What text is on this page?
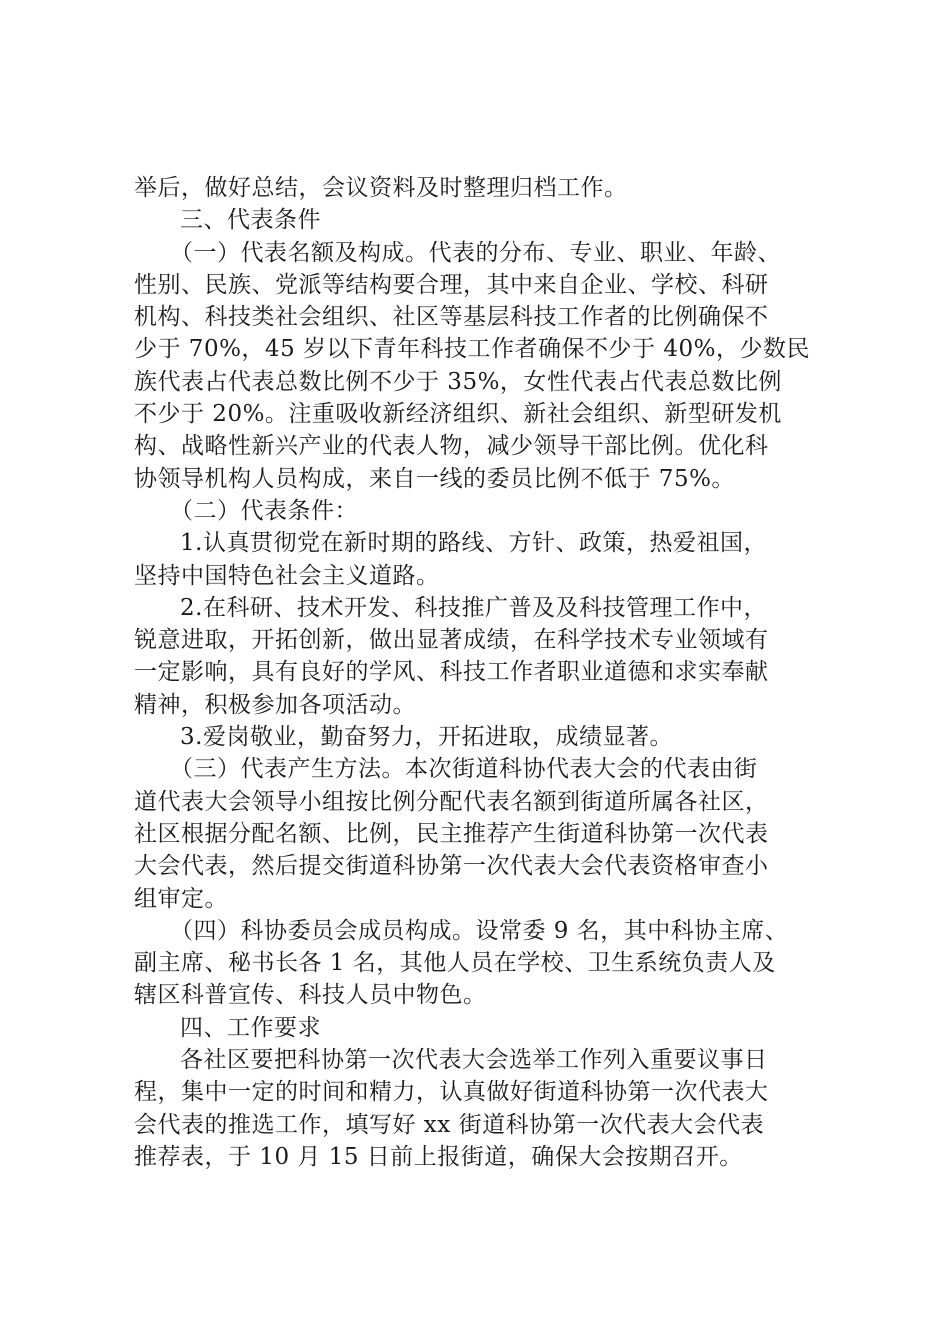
举后，做好总结，会议资料及时整理归档工作。
三、代表条件
（一）代表名额及构成。代表的分布、专业、职业、年龄、
性别、民族、党派等结构要合理，其中来自企业、学校、科研
机构、科技类社会组织、社区等基层科技工作者的比例确保不
少于 70%，45 岁以下青年科技工作者确保不少于 40%，少数民
族代表占代表总数比例不少于 35%，女性代表占代表总数比例
不少于 20%。注重吸收新经济组织、新社会组织、新型研发机
构、战略性新兴产业的代表人物，减少领导干部比例。优化科
协领导机构人员构成，来自一线的委员比例不低于 75%。
（二）代表条件：
1.认真贯彻党在新时期的路线、方针、政策，热爱祖国，
坚持中国特色社会主义道路。
2.在科研、技术开发、科技推广普及及科技管理工作中，
锐意进取，开拓创新，做出显著成绩，在科学技术专业领域有
一定影响，具有良好的学风、科技工作者职业道德和求实奉献
精神，积极参加各项活动。
3.爱岗敬业，勤奋努力，开拓进取，成绩显著。
（三）代表产生方法。本次街道科协代表大会的代表由街
道代表大会领导小组按比例分配代表名额到街道所属各社区，
社区根据分配名额、比例，民主推荐产生街道科协第一次代表
大会代表，然后提交街道科协第一次代表大会代表资格审查小
组审定。
（四）科协委员会成员构成。设常委 9 名，其中科协主席、
副主席、秘书长各 1 名，其他人员在学校、卫生系统负责人及
辖区科普宣传、科技人员中物色。
四、工作要求
各社区要把科协第一次代表大会选举工作列入重要议事日
程，集中一定的时间和精力，认真做好街道科协第一次代表大
会代表的推选工作，填写好 xx 街道科协第一次代表大会代表
推荐表，于 10 月 15 日前上报街道，确保大会按期召开。
